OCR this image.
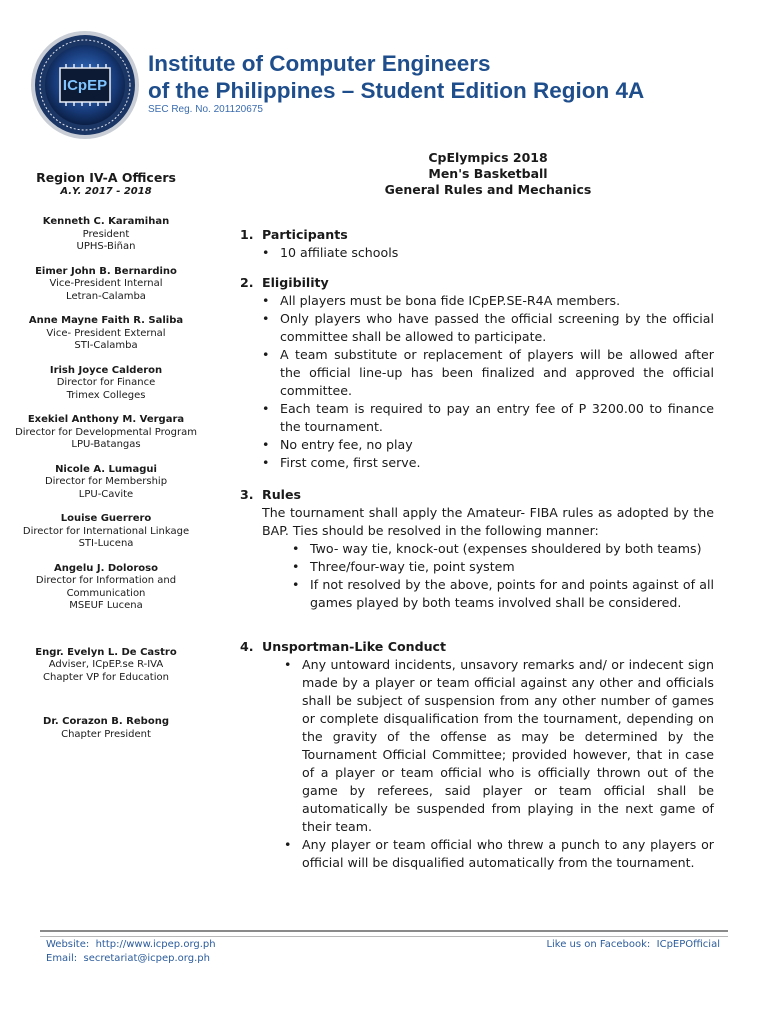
ICpEP
Institute of Computer Engineers
of the Philippines – Student Edition Region 4A
SEC Reg. No. 201120675

Region IV-A Officers

A.Y. 2017 - 2018

Kenneth C. Karamihan
President
UPHS-Biñan
Eimer John B. Bernardino
Vice-President Internal
Letran-Calamba
Anne Mayne Faith R. Saliba
Vice- President External
STI-Calamba
Irish Joyce Calderon
Director for Finance
Trimex Colleges
Exekiel Anthony M. Vergara
Director for Developmental Program
LPU-Batangas
Nicole A. Lumagui
Director for Membership
LPU-Cavite
Louise Guerrero
Director for International Linkage
STI-Lucena
Angelu J. Doloroso
Director for Information and
Communication
MSEUF Lucena
Engr. Evelyn L. De Castro
Adviser, ICpEP.se R-IVA
Chapter VP for Education
Dr. Corazon B. Rebong
Chapter President
CpElympics 2018
Men's Basketball
General Rules and Mechanics
1. Participants
• 10 affiliate schools
2. Eligibility
• All players must be bona fide ICpEP.SE-R4A members.
• Only players who have passed the official screening by the official committee shall be allowed to participate.
• A team substitute or replacement of players will be allowed after the official line-up has been finalized and approved the official committee.
• Each team is required to pay an entry fee of P 3200.00 to finance the tournament.
• No entry fee, no play
• First come, first serve.
3. Rules

The tournament shall apply the Amateur- FIBA rules as adopted by the BAP. Ties should be resolved in the following manner:

• Two- way tie, knock-out (expenses shouldered by both teams)
• Three/four-way tie, point system
• If not resolved by the above, points for and points against of all games played by both teams involved shall be considered.
4. Unsportman-Like Conduct
• Any untoward incidents, unsavory remarks and/ or indecent sign made by a player or team official against any other and officials shall be subject of suspension from any other number of games or complete disqualification from the tournament, depending on the gravity of the offense as may be determined by the Tournament Official Committee; provided however, that in case of a player or team official who is officially thrown out of the game by referees, said player or team official shall be automatically be suspended from playing in the next game of their team.
• Any player or team official who threw a punch to any players or official will be disqualified automatically from the tournament.
Website: http://www.icpep.org.ph
Email: secretariat@icpep.org.ph
Like us on Facebook: ICpEPOfficial
